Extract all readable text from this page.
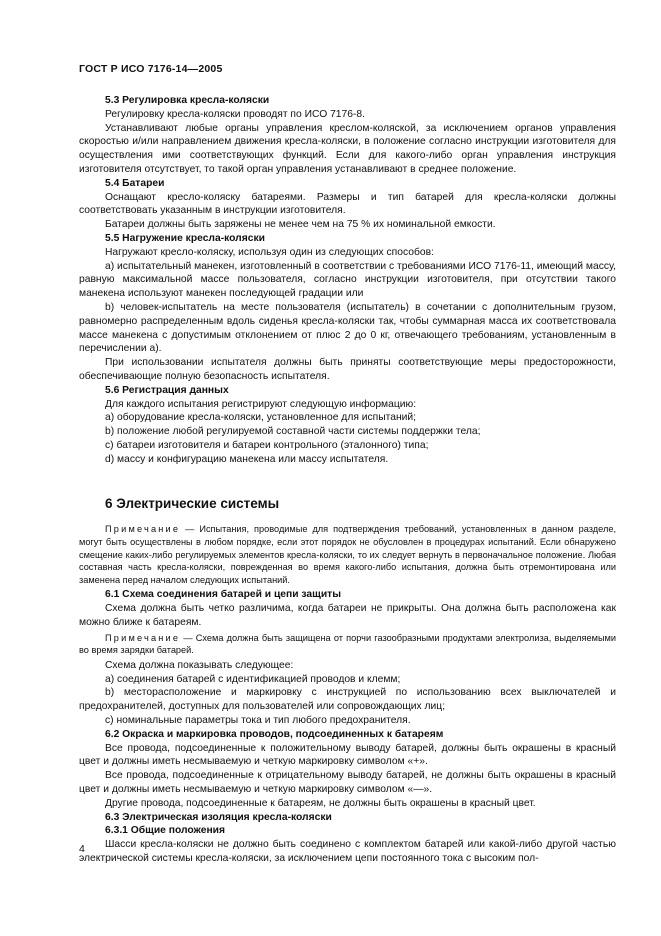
ГОСТ Р ИСО 7176-14—2005

5.3 Регулировка кресла-коляски

Регулировку кресла-коляски проводят по ИСО 7176-8.

Устанавливают любые органы управления креслом-коляской, за исключением органов управления скоростью и/или направлением движения кресла-коляски, в положение согласно инструкции изготовителя для осуществления ими соответствующих функций. Если для какого-либо орган управления инструкция изготовителя отсутствует, то такой орган управления устанавливают в среднее положение.

5.4 Батареи

Оснащают кресло-коляску батареями. Размеры и тип батарей для кресла-коляски должны соответствовать указанным в инструкции изготовителя.

Батареи должны быть заряжены не менее чем на 75 % их номинальной емкости.

5.5 Нагружение кресла-коляски

Нагружают кресло-коляску, используя один из следующих способов:

a) испытательный манекен, изготовленный в соответствии с требованиями ИСО 7176-11, имеющий массу, равную максимальной массе пользователя, согласно инструкции изготовителя, при отсутствии такого манекена используют манекен последующей градации или

b) человек-испытатель на месте пользователя (испытатель) в сочетании с дополнительным грузом, равномерно распределенным вдоль сиденья кресла-коляски так, чтобы суммарная масса их соответствовала массе манекена с допустимым отклонением от плюс 2 до 0 кг, отвечающего требованиям, установленным в перечислении a).

При использовании испытателя должны быть приняты соответствующие меры предосторожности, обеспечивающие полную безопасность испытателя.

5.6 Регистрация данных

Для каждого испытания регистрируют следующую информацию:

a) оборудование кресла-коляски, установленное для испытаний;

b) положение любой регулируемой составной части системы поддержки тела;

c) батареи изготовителя и батареи контрольного (эталонного) типа;

d) массу и конфигурацию манекена или массу испытателя.

6 Электрические системы

Примечание — Испытания, проводимые для подтверждения требований, установленных в данном разделе, могут быть осуществлены в любом порядке, если этот порядок не обусловлен в процедурах испытаний. Если обнаружено смещение каких-либо регулируемых элементов кресла-коляски, то их следует вернуть в первоначальное положение. Любая составная часть кресла-коляски, поврежденная во время какого-либо испытания, должна быть отремонтирована или заменена перед началом следующих испытаний.

6.1 Схема соединения батарей и цепи защиты

Схема должна быть четко различима, когда батареи не прикрыты. Она должна быть расположена как можно ближе к батареям.

Примечание — Схема должна быть защищена от порчи газообразными продуктами электролиза, выделяемыми во время зарядки батарей.

Схема должна показывать следующее:

a) соединения батарей с идентификацией проводов и клемм;

b) месторасположение и маркировку с инструкцией по использованию всех выключателей и предохранителей, доступных для пользователей или сопровождающих лиц;

c) номинальные параметры тока и тип любого предохранителя.

6.2 Окраска и маркировка проводов, подсоединенных к батареям

Все провода, подсоединенные к положительному выводу батарей, должны быть окрашены в красный цвет и должны иметь несмываемую и четкую маркировку символом «+».

Все провода, подсоединенные к отрицательному выводу батарей, не должны быть окрашены в красный цвет и должны иметь несмываемую и четкую маркировку символом «—».

Другие провода, подсоединенные к батареям, не должны быть окрашены в красный цвет.

6.3 Электрическая изоляция кресла-коляски

6.3.1 Общие положения

Шасси кресла-коляски не должно быть соединено с комплектом батарей или какой-либо другой частью электрической системы кресла-коляски, за исключением цепи постоянного тока с высоким пол-

4
